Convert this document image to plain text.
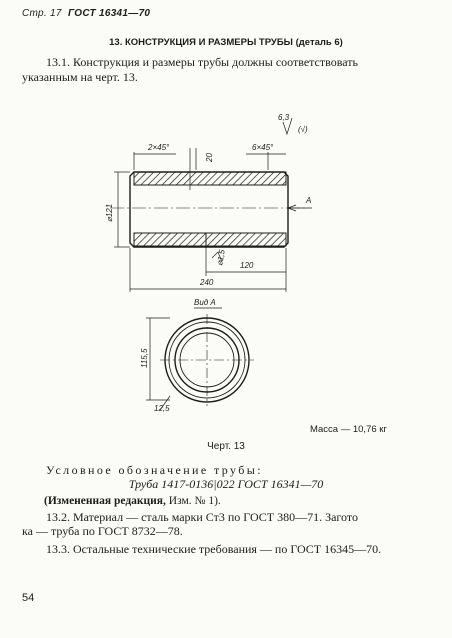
Стр. 17 ГОСТ 16341—70
13. КОНСТРУКЦИЯ И РАЗМЕРЫ ТРУБЫ (деталь 6)
13.1. Конструкция и размеры трубы должны соответствовать
указанным на черт. 13.
2×45°	6×45°
6,3
(√)
20
⌀121
A
⌀1,5 120
240
Вид А
115,5
12,5
Масса — 10,76 кг
Черт. 13
Условное обозначение трубы:
Труба 1417-0136|022 ГОСТ 16341—70
(Измененная редакция, Изм. № 1).
13.2. Материал — сталь марки Ст3 по ГОСТ 380—71. Загото
ка — труба по ГОСТ 8732—78.
13.3. Остальные технические требования — по ГОСТ 16345—70.
54
